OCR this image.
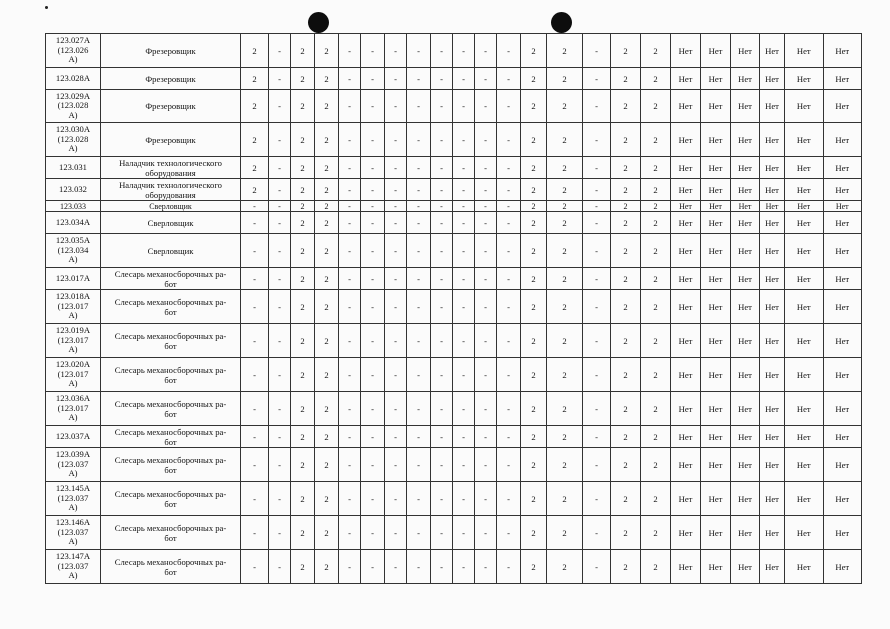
123.027А
(123.026
А)	Фрезеровщик	2	-	2	2	-	-	-	-	-	-	-	-	2	2	-	2	2	Нет	Нет	Нет	Нет	Нет	Нет
123.028А	Фрезеровщик	2	-	2	2	-	-	-	-	-	-	-	-	2	2	-	2	2	Нет	Нет	Нет	Нет	Нет	Нет
123.029А
(123.028
А)	Фрезеровщик	2	-	2	2	-	-	-	-	-	-	-	-	2	2	-	2	2	Нет	Нет	Нет	Нет	Нет	Нет
123.030А
(123.028
А)	Фрезеровщик	2	-	2	2	-	-	-	-	-	-	-	-	2	2	-	2	2	Нет	Нет	Нет	Нет	Нет	Нет
123.031	Наладчик технологического
оборудования	2	-	2	2	-	-	-	-	-	-	-	-	2	2	-	2	2	Нет	Нет	Нет	Нет	Нет	Нет
123.032	Наладчик технологического
оборудования	2	-	2	2	-	-	-	-	-	-	-	-	2	2	-	2	2	Нет	Нет	Нет	Нет	Нет	Нет
123.033	Сверловщик	-	-	2	2	-	-	-	-	-	-	-	-	2	2	-	2	2	Нет	Нет	Нет	Нет	Нет	Нет
123.034А	Сверловщик	-	-	2	2	-	-	-	-	-	-	-	-	2	2	-	2	2	Нет	Нет	Нет	Нет	Нет	Нет
123.035А
(123.034
А)	Сверловщик	-	-	2	2	-	-	-	-	-	-	-	-	2	2	-	2	2	Нет	Нет	Нет	Нет	Нет	Нет
123.017А	Слесарь механосборочных ра-
бот	-	-	2	2	-	-	-	-	-	-	-	-	2	2	-	2	2	Нет	Нет	Нет	Нет	Нет	Нет
123.018А
(123.017
А)	Слесарь механосборочных ра-
бот	-	-	2	2	-	-	-	-	-	-	-	-	2	2	-	2	2	Нет	Нет	Нет	Нет	Нет	Нет
123.019А
(123.017
А)	Слесарь механосборочных ра-
бот	-	-	2	2	-	-	-	-	-	-	-	-	2	2	-	2	2	Нет	Нет	Нет	Нет	Нет	Нет
123.020А
(123.017
А)	Слесарь механосборочных ра-
бот	-	-	2	2	-	-	-	-	-	-	-	-	2	2	-	2	2	Нет	Нет	Нет	Нет	Нет	Нет
123.036А
(123.017
А)	Слесарь механосборочных ра-
бот	-	-	2	2	-	-	-	-	-	-	-	-	2	2	-	2	2	Нет	Нет	Нет	Нет	Нет	Нет
123.037А	Слесарь механосборочных ра-
бот	-	-	2	2	-	-	-	-	-	-	-	-	2	2	-	2	2	Нет	Нет	Нет	Нет	Нет	Нет
123.039А
(123.037
А)	Слесарь механосборочных ра-
бот	-	-	2	2	-	-	-	-	-	-	-	-	2	2	-	2	2	Нет	Нет	Нет	Нет	Нет	Нет
123.145А
(123.037
А)	Слесарь механосборочных ра-
бот	-	-	2	2	-	-	-	-	-	-	-	-	2	2	-	2	2	Нет	Нет	Нет	Нет	Нет	Нет
123.146А
(123.037
А)	Слесарь механосборочных ра-
бот	-	-	2	2	-	-	-	-	-	-	-	-	2	2	-	2	2	Нет	Нет	Нет	Нет	Нет	Нет
123.147А
(123.037
А)	Слесарь механосборочных ра-
бот	-	-	2	2	-	-	-	-	-	-	-	-	2	2	-	2	2	Нет	Нет	Нет	Нет	Нет	Нет
